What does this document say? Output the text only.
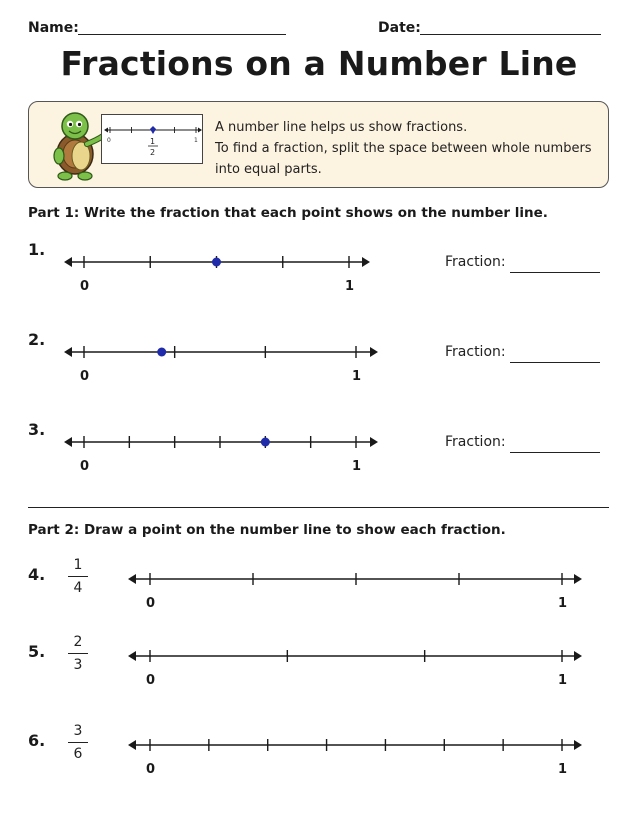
Name:	Date:
Fractions on a Number Line
0	1
1
2
A number line helps us show fractions.
To find a fraction, split the space between whole numbers
into equal parts.
Part 1: Write the fraction that each point shows on the number line.
1.
0	1
Fraction:
2.
0	1
Fraction:
3.
0	1
Fraction:
Part 2: Draw a point on the number line to show each fraction.
4.	1
4
0	1
5.	2
3
0	1
6.	3
6
0	1
